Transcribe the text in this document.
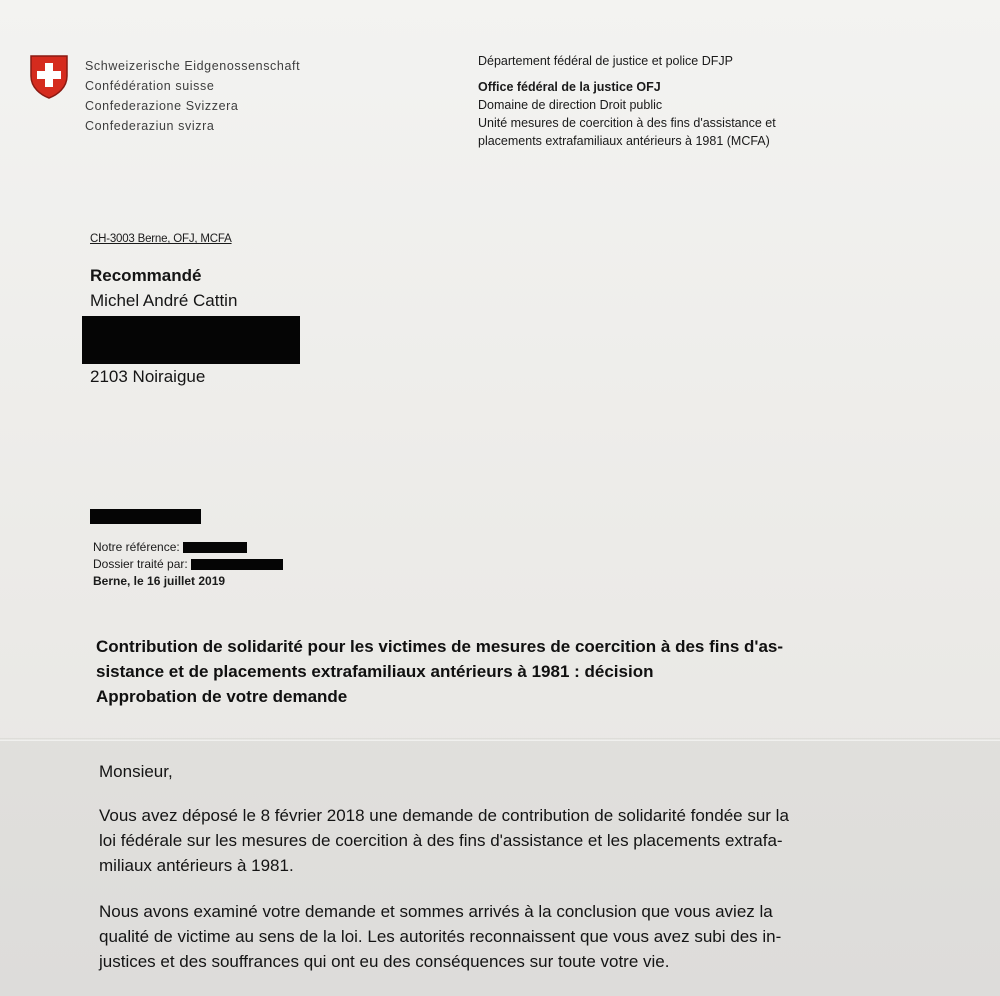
Schweizerische Eidgenossenschaft
Confédération suisse
Confederazione Svizzera
Confederaziun svizra
Département fédéral de justice et police DFJP
Office fédéral de la justice OFJ
Domaine de direction Droit public
Unité mesures de coercition à des fins d'assistance et
placements extrafamiliaux antérieurs à 1981 (MCFA)
CH-3003 Berne, OFJ, MCFA
Recommandé
Michel André Cattin
2103 Noiraigue
Notre référence:
Dossier traité par:
Berne, le 16 juillet 2019
Contribution de solidarité pour les victimes de mesures de coercition à des fins d'as-
sistance et de placements extrafamiliaux antérieurs à 1981 : décision
Approbation de votre demande
Monsieur,
Vous avez déposé le 8 février 2018 une demande de contribution de solidarité fondée sur la
loi fédérale sur les mesures de coercition à des fins d'assistance et les placements extrafa-
miliaux antérieurs à 1981.
Nous avons examiné votre demande et sommes arrivés à la conclusion que vous aviez la
qualité de victime au sens de la loi. Les autorités reconnaissent que vous avez subi des in-
justices et des souffrances qui ont eu des conséquences sur toute votre vie.
